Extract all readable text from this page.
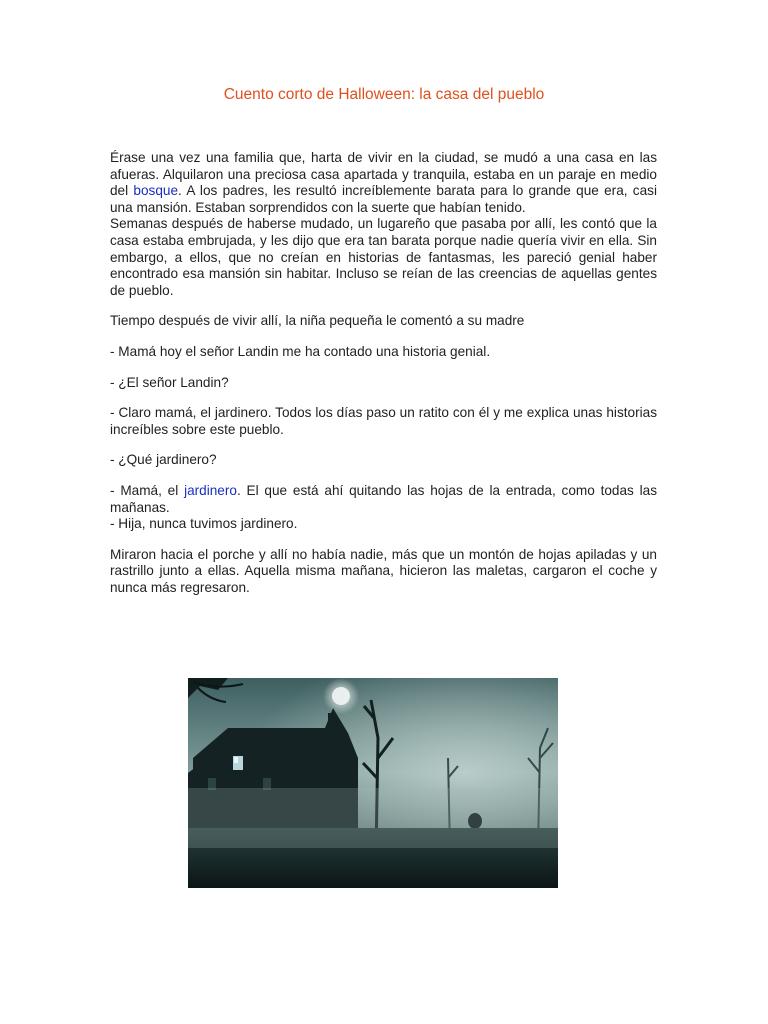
Cuento corto de Halloween: la casa del pueblo

Érase una vez una familia que, harta de vivir en la ciudad, se mudó a una casa en las afueras. Alquilaron una preciosa casa apartada y tranquila, estaba en un paraje en medio del bosque. A los padres, les resultó increíblemente barata para lo grande que era, casi una mansión. Estaban sorprendidos con la suerte que habían tenido.

Semanas después de haberse mudado, un lugareño que pasaba por allí, les contó que la casa estaba embrujada, y les dijo que era tan barata porque nadie quería vivir en ella. Sin embargo, a ellos, que no creían en historias de fantasmas, les pareció genial haber encontrado esa mansión sin habitar. Incluso se reían de las creencias de aquellas gentes de pueblo.

Tiempo después de vivir allí, la niña pequeña le comentó a su madre

- Mamá hoy el señor Landin me ha contado una historia genial.

- ¿El señor Landin?

- Claro mamá, el jardinero. Todos los días paso un ratito con él y me explica unas historias increíbles sobre este pueblo.

- ¿Qué jardinero?

- Mamá, el jardinero. El que está ahí quitando las hojas de la entrada, como todas las mañanas.

- Hija, nunca tuvimos jardinero.

Miraron hacia el porche y allí no había nadie, más que un montón de hojas apiladas y un rastrillo junto a ellas. Aquella misma mañana, hicieron las maletas, cargaron el coche y nunca más regresaron.
